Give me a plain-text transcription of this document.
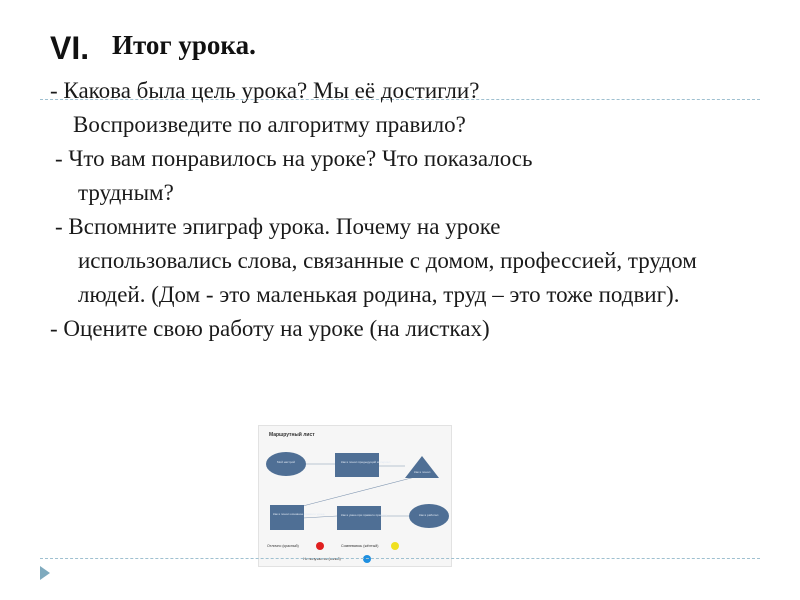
VI. Итог урока.

- Какова была цель урока? Мы её достигли?
Воспроизведите по алгоритму правило?

- Что вам понравилось на уроке? Что показалось
трудным?

- Вспомните эпиграф урока. Почему на уроке
использовались слова, связанные с домом, профессией, трудом людей. (Дом - это маленькая родина, труд – это тоже подвиг).

- Оцените свою работу на уроке (на листках)

Маршрутный лист
Мой настрой	Как я понял предыдущий материал
Как я понял
Как я понял основное правило урока	Как я умею при правило правило	Как я работал
Отлично (красный)	Сомневаюсь (жёлтый)
Не получается (синий)
